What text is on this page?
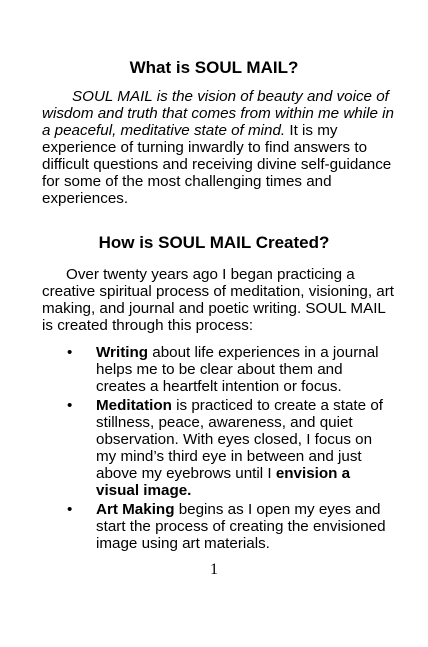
What is SOUL MAIL?

SOUL MAIL is the vision of beauty and voice of wisdom and truth that comes from within me while in a peaceful, meditative state of mind. It is my experience of turning inwardly to find answers to difficult questions and receiving divine self-guidance for some of the most challenging times and experiences.

How is SOUL MAIL Created?

Over twenty years ago I began practicing a creative spiritual process of meditation, visioning, art making, and journal and poetic writing. SOUL MAIL is created through this process:

• Writing about life experiences in a journal helps me to be clear about them and creates a heartfelt intention or focus.
• Meditation is practiced to create a state of stillness, peace, awareness, and quiet observation. With eyes closed, I focus on my mind’s third eye in between and just above my eyebrows until I envision a visual image.
• Art Making begins as I open my eyes and start the process of creating the envisioned image using art materials.
1
